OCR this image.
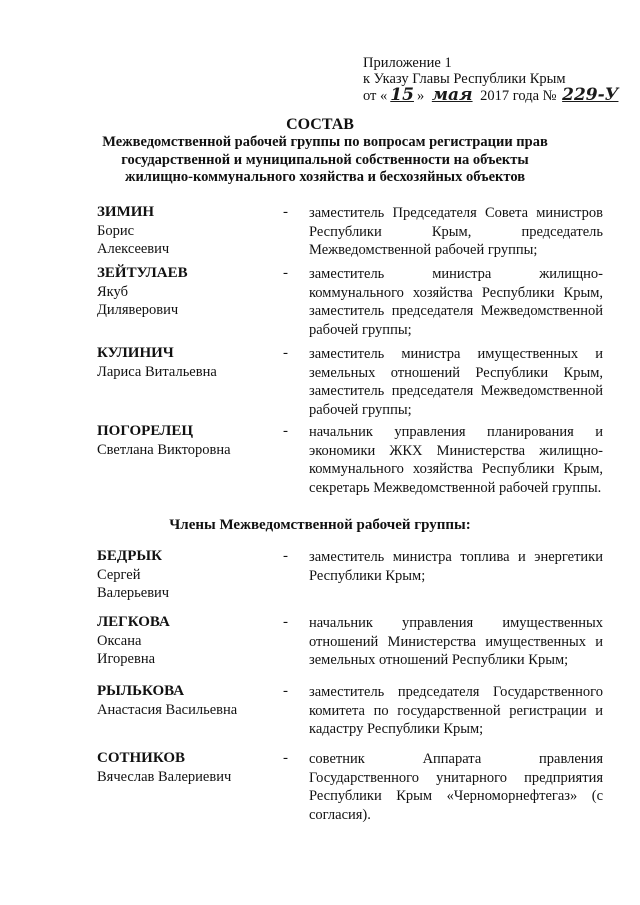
Приложение 1
к Указу Главы Республики Крым
от « 15 » мая 2017 года № 229-У
СОСТАВ
Межведомственной рабочей группы по вопросам регистрации прав государственной и муниципальной собственности на объекты жилищно-коммунального хозяйства и бесхозяйных объектов
ЗИМИН
Борис
Алексеевич
- заместитель Председателя Совета министров Республики Крым, председатель Межведомственной рабочей группы;
ЗЕЙТУЛАЕВ
Якуб
Диляверович
- заместитель министра жилищно-коммунального хозяйства Республики Крым, заместитель председателя Межведомственной рабочей группы;
КУЛИНИЧ
Лариса Витальевна
- заместитель министра имущественных и земельных отношений Республики Крым, заместитель председателя Межведомственной рабочей группы;
ПОГОРЕЛЕЦ
Светлана Викторовна
- начальник управления планирования и экономики ЖКХ Министерства жилищно-коммунального хозяйства Республики Крым, секретарь Межведомственной рабочей группы.
Члены Межведомственной рабочей группы:
БЕДРЫК
Сергей
Валерьевич
- заместитель министра топлива и энергетики Республики Крым;
ЛЕГКОВА
Оксана
Игоревна
- начальник управления имущественных отношений Министерства имущественных и земельных отношений Республики Крым;
РЫЛЬКОВА
Анастасия Васильевна
- заместитель председателя Государственного комитета по государственной регистрации и кадастру Республики Крым;
СОТНИКОВ
Вячеслав Валериевич
- советник Аппарата правления Государственного унитарного предприятия Республики Крым «Черноморнефтегаз» (с согласия).
